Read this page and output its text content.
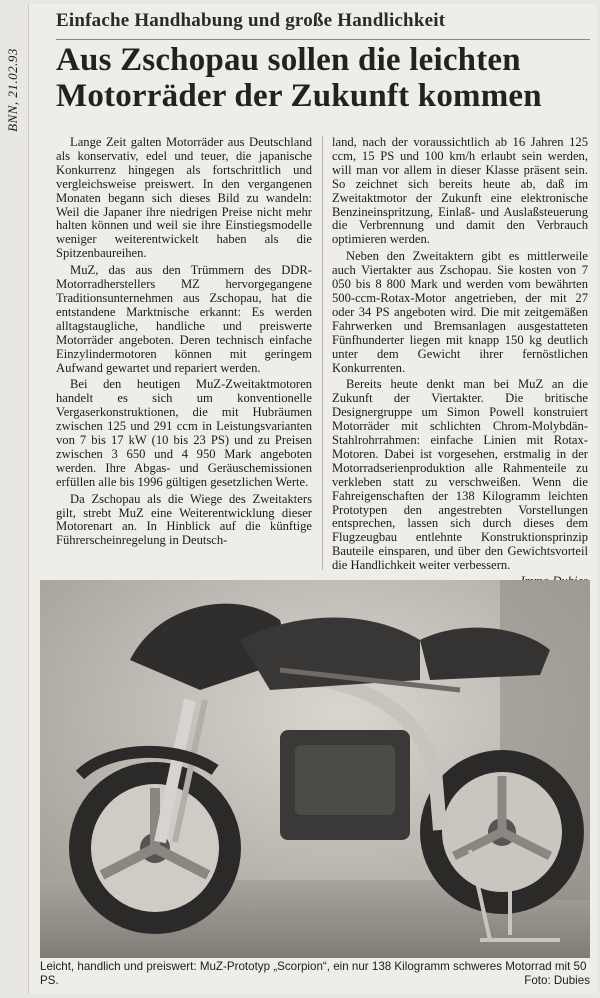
BNN, 21.02.93
Einfache Handhabung und große Handlichkeit
Aus Zschopau sollen die leichten
Motorräder der Zukunft kommen

Lange Zeit galten Motorräder aus Deutschland als konservativ, edel und teuer, die japanische Konkurrenz hingegen als fortschrittlich und vergleichsweise preiswert. In den vergangenen Monaten begann sich dieses Bild zu wandeln: Weil die Japaner ihre niedrigen Preise nicht mehr halten können und weil sie ihre Einstiegsmodelle weniger weiterentwickelt haben als die Spitzenbaureihen.

MuZ, das aus den Trümmern des DDR-Motorradherstellers MZ hervorgegangene Traditionsunternehmen aus Zschopau, hat die entstandene Marktnische erkannt: Es werden alltagstaugliche, handliche und preiswerte Motorräder angeboten. Deren technisch einfache Einzylindermotoren können mit geringem Aufwand gewartet und repariert werden.

Bei den heutigen MuZ-Zweitaktmotoren handelt es sich um konventionelle Vergaserkonstruktionen, die mit Hubräumen zwischen 125 und 291 ccm in Leistungsvarianten von 7 bis 17 kW (10 bis 23 PS) und zu Preisen zwischen 3 650 und 4 950 Mark angeboten werden. Ihre Abgas- und Geräuschemissionen erfüllen alle bis 1996 gültigen gesetzlichen Werte.

Da Zschopau als die Wiege des Zweitakters gilt, strebt MuZ eine Weiterentwicklung dieser Motorenart an. In Hinblick auf die künftige Führerscheinregelung in Deutsch-

land, nach der voraussichtlich ab 16 Jahren 125 ccm, 15 PS und 100 km/h erlaubt sein werden, will man vor allem in dieser Klasse präsent sein. So zeichnet sich bereits heute ab, daß im Zweitaktmotor der Zukunft eine elektronische Benzineinspritzung, Einlaß- und Auslaßsteuerung die Verbrennung und damit den Verbrauch optimieren werden.

Neben den Zweitaktern gibt es mittlerweile auch Viertakter aus Zschopau. Sie kosten von 7 050 bis 8 800 Mark und werden vom bewährten 500-ccm-Rotax-Motor angetrieben, der mit 27 oder 34 PS angeboten wird. Die mit zeitgemäßen Fahrwerken und Bremsanlagen ausgestatteten Fünfhunderter liegen mit knapp 150 kg deutlich unter dem Gewicht ihrer fernöstlichen Konkurrenten.

Bereits heute denkt man bei MuZ an die Zukunft der Viertakter. Die britische Designergruppe um Simon Powell konstruiert Motorräder mit schlichten Chrom-Molybdän-Stahlrohrrahmen: einfache Linien mit Rotax-Motoren. Dabei ist vorgesehen, erstmalig in der Motorradserienproduktion alle Rahmenteile zu verkleben statt zu verschweißen. Wenn die Fahreigenschaften der 138 Kilogramm leichten Prototypen den angestrebten Vorstellungen entsprechen, lassen sich durch dieses dem Flugzeugbau entlehnte Konstruktionsprinzip Bauteile einsparen, und über den Gewichtsvorteil die Handlichkeit weiter verbessern.

Leicht, handlich und preiswert: MuZ-Prototyp „Scorpion“, ein nur 138 Kilogramm schweres Motorrad mit 50 PS.	Foto: Dubies
